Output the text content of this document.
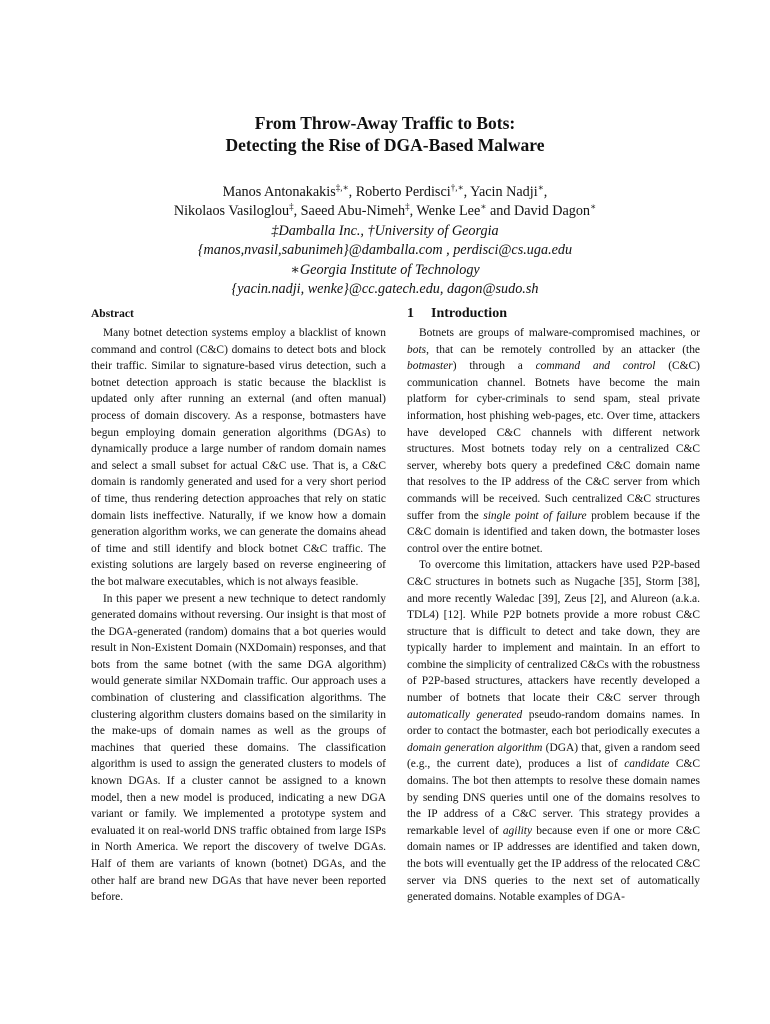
From Throw-Away Traffic to Bots:
Detecting the Rise of DGA-Based Malware
Manos Antonakakis‡,∗, Roberto Perdisci†,∗, Yacin Nadji∗,
Nikolaos Vasiloglou‡, Saeed Abu-Nimeh‡, Wenke Lee∗ and David Dagon∗
‡Damballa Inc., †University of Georgia
{manos,nvasil,sabunimeh}@damballa.com , perdisci@cs.uga.edu
∗Georgia Institute of Technology
{yacin.nadji, wenke}@cc.gatech.edu, dagon@sudo.sh
Abstract

Many botnet detection systems employ a blacklist of known command and control (C&C) domains to detect bots and block their traffic. Similar to signature-based virus detection, such a botnet detection approach is static because the blacklist is updated only after running an external (and often manual) process of domain discovery. As a response, botmasters have begun employing domain generation algorithms (DGAs) to dynamically produce a large number of random domain names and select a small subset for actual C&C use. That is, a C&C domain is randomly generated and used for a very short period of time, thus rendering detection approaches that rely on static domain lists ineffective. Naturally, if we know how a domain generation algorithm works, we can generate the domains ahead of time and still identify and block botnet C&C traffic. The existing solutions are largely based on reverse engineering of the bot malware executables, which is not always feasible.

In this paper we present a new technique to detect randomly generated domains without reversing. Our insight is that most of the DGA-generated (random) domains that a bot queries would result in Non-Existent Domain (NXDomain) responses, and that bots from the same botnet (with the same DGA algorithm) would generate similar NXDomain traffic. Our approach uses a combination of clustering and classification algorithms. The clustering algorithm clusters domains based on the similarity in the make-ups of domain names as well as the groups of machines that queried these domains. The classification algorithm is used to assign the generated clusters to models of known DGAs. If a cluster cannot be assigned to a known model, then a new model is produced, indicating a new DGA variant or family. We implemented a prototype system and evaluated it on real-world DNS traffic obtained from large ISPs in North America. We report the discovery of twelve DGAs. Half of them are variants of known (botnet) DGAs, and the other half are brand new DGAs that have never been reported before.

1 Introduction

Botnets are groups of malware-compromised machines, or bots, that can be remotely controlled by an attacker (the botmaster) through a command and control (C&C) communication channel. Botnets have become the main platform for cyber-criminals to send spam, steal private information, host phishing web-pages, etc. Over time, attackers have developed C&C channels with different network structures. Most botnets today rely on a centralized C&C server, whereby bots query a predefined C&C domain name that resolves to the IP address of the C&C server from which commands will be received. Such centralized C&C structures suffer from the single point of failure problem because if the C&C domain is identified and taken down, the botmaster loses control over the entire botnet.

To overcome this limitation, attackers have used P2P-based C&C structures in botnets such as Nugache [35], Storm [38], and more recently Waledac [39], Zeus [2], and Alureon (a.k.a. TDL4) [12]. While P2P botnets provide a more robust C&C structure that is difficult to detect and take down, they are typically harder to implement and maintain. In an effort to combine the simplicity of centralized C&Cs with the robustness of P2P-based structures, attackers have recently developed a number of botnets that locate their C&C server through automatically generated pseudo-random domains names. In order to contact the botmaster, each bot periodically executes a domain generation algorithm (DGA) that, given a random seed (e.g., the current date), produces a list of candidate C&C domains. The bot then attempts to resolve these domain names by sending DNS queries until one of the domains resolves to the IP address of a C&C server. This strategy provides a remarkable level of agility because even if one or more C&C domain names or IP addresses are identified and taken down, the bots will eventually get the IP address of the relocated C&C server via DNS queries to the next set of automatically generated domains. Notable examples of DGA-
